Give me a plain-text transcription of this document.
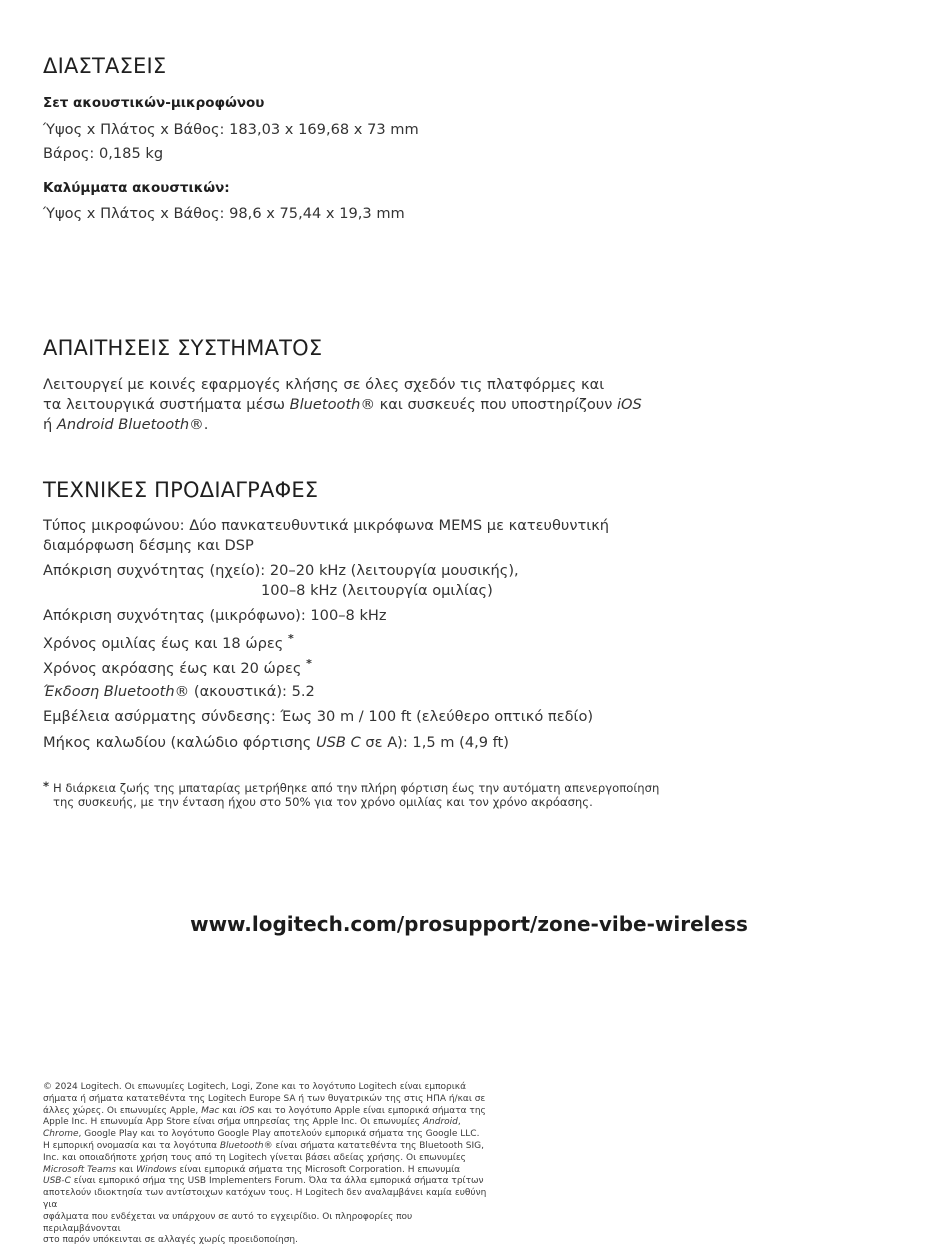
ΔΙΑΣΤΑΣΕΙΣ
Σετ ακουστικών-μικροφώνου
Ύψος x Πλάτος x Βάθος: 183,03 x 169,68 x 73 mm
Βάρος: 0,185 kg
Καλύμματα ακουστικών:
Ύψος x Πλάτος x Βάθος: 98,6 x 75,44 x 19,3 mm
ΑΠΑΙΤΗΣΕΙΣ ΣΥΣΤΗΜΑΤΟΣ

Λειτουργεί με κοινές εφαρμογές κλήσης σε όλες σχεδόν τις πλατφόρμες και

τα λειτουργικά συστήματα μέσω Bluetooth® και συσκευές που υποστηρίζουν iOS

ή Android Bluetooth®.

ΤΕΧΝΙΚΕΣ ΠΡΟΔΙΑΓΡΑΦΕΣ
Τύπος μικροφώνου: Δύο πανκατευθυντικά μικρόφωνα MEMS με κατευθυντική
διαμόρφωση δέσμης και DSP
Απόκριση συχνότητας (ηχείο): 20–20 kHz (λειτουργία μουσικής),
100–8 kHz (λειτουργία ομιλίας)
Απόκριση συχνότητας (μικρόφωνο): 100–8 kHz
Χρόνος ομιλίας έως και 18 ώρες *
Χρόνος ακρόασης έως και 20 ώρες *
Έκδοση Bluetooth® (ακουστικά): 5.2
Εμβέλεια ασύρματης σύνδεσης: Έως 30 m / 100 ft (ελεύθερο οπτικό πεδίο)
Μήκος καλωδίου (καλώδιο φόρτισης USB C σε A): 1,5 m (4,9 ft)
* Η διάρκεια ζωής της μπαταρίας μετρήθηκε από την πλήρη φόρτιση έως την αυτόματη απενεργοποίηση
της συσκευής, με την ένταση ήχου στο 50% για τον χρόνο ομιλίας και τον χρόνο ακρόασης.
www.logitech.com/prosupport/zone-vibe-wireless

© 2024 Logitech. Οι επωνυμίες Logitech, Logi, Zone και το λογότυπο Logitech είναι εμπορικά

σήματα ή σήματα κατατεθέντα της Logitech Europe SA ή των θυγατρικών της στις ΗΠΑ ή/και σε

άλλες χώρες. Οι επωνυμίες Apple, Mac και iOS και το λογότυπο Apple είναι εμπορικά σήματα της

Apple Inc. Η επωνυμία App Store είναι σήμα υπηρεσίας της Apple Inc. Οι επωνυμίες Android,

Chrome, Google Play και το λογότυπο Google Play αποτελούν εμπορικά σήματα της Google LLC.

Η εμπορική ονομασία και τα λογότυπα Bluetooth® είναι σήματα κατατεθέντα της Bluetooth SIG,

Inc. και οποιαδήποτε χρήση τους από τη Logitech γίνεται βάσει αδείας χρήσης. Οι επωνυμίες

Microsoft Teams και Windows είναι εμπορικά σήματα της Microsoft Corporation. Η επωνυμία

USB-C είναι εμπορικό σήμα της USB Implementers Forum. Όλα τα άλλα εμπορικά σήματα τρίτων

αποτελούν ιδιοκτησία των αντίστοιχων κατόχων τους. Η Logitech δεν αναλαμβάνει καμία ευθύνη για

σφάλματα που ενδέχεται να υπάρχουν σε αυτό το εγχειρίδιο. Οι πληροφορίες που περιλαμβάνονται

στο παρόν υπόκεινται σε αλλαγές χωρίς προειδοποίηση.
